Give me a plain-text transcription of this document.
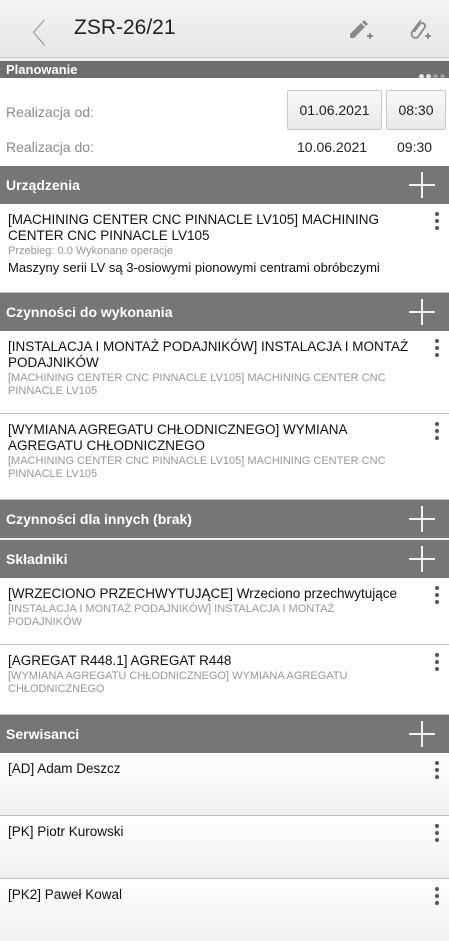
〈 ZSR-26/21
Planowanie
Realizacja od:	01.06.2021	08:30
Realizacja do:	10.06.2021 09:30
Urządzenia
[MACHINING CENTER CNC PINNACLE LV105] MACHINING CENTER CNC PINNACLE LV105
Przebieg: 0.0 Wykonane operacje
Maszyny serii LV są 3-osiowymi pionowymi centrami obróbczymi
Czynności do wykonania
[INSTALACJA I MONTAŻ PODAJNIKÓW] INSTALACJA I MONTAŻ PODAJNIKÓW
[MACHINING CENTER CNC PINNACLE LV105] MACHINING CENTER CNC PINNACLE LV105
[WYMIANA AGREGATU CHŁODNICZNEGO] WYMIANA AGREGATU CHŁODNICZNEGO
[MACHINING CENTER CNC PINNACLE LV105] MACHINING CENTER CNC PINNACLE LV105
Czynności dla innych (brak)
Składniki
[WRZECIONO PRZECHWYTUJĄCE] Wrzeciono przechwytujące
[INSTALACJA I MONTAŻ PODAJNIKÓW] INSTALACJA I MONTAŻ PODAJNIKÓW
[AGREGAT R448.1] AGREGAT R448
[WYMIANA AGREGATU CHŁODNICZNEGO] WYMIANA AGREGATU CHŁODNICZNEGO
Serwisanci
[AD] Adam Deszcz
[PK] Piotr Kurowski
[PK2] Paweł Kowal
